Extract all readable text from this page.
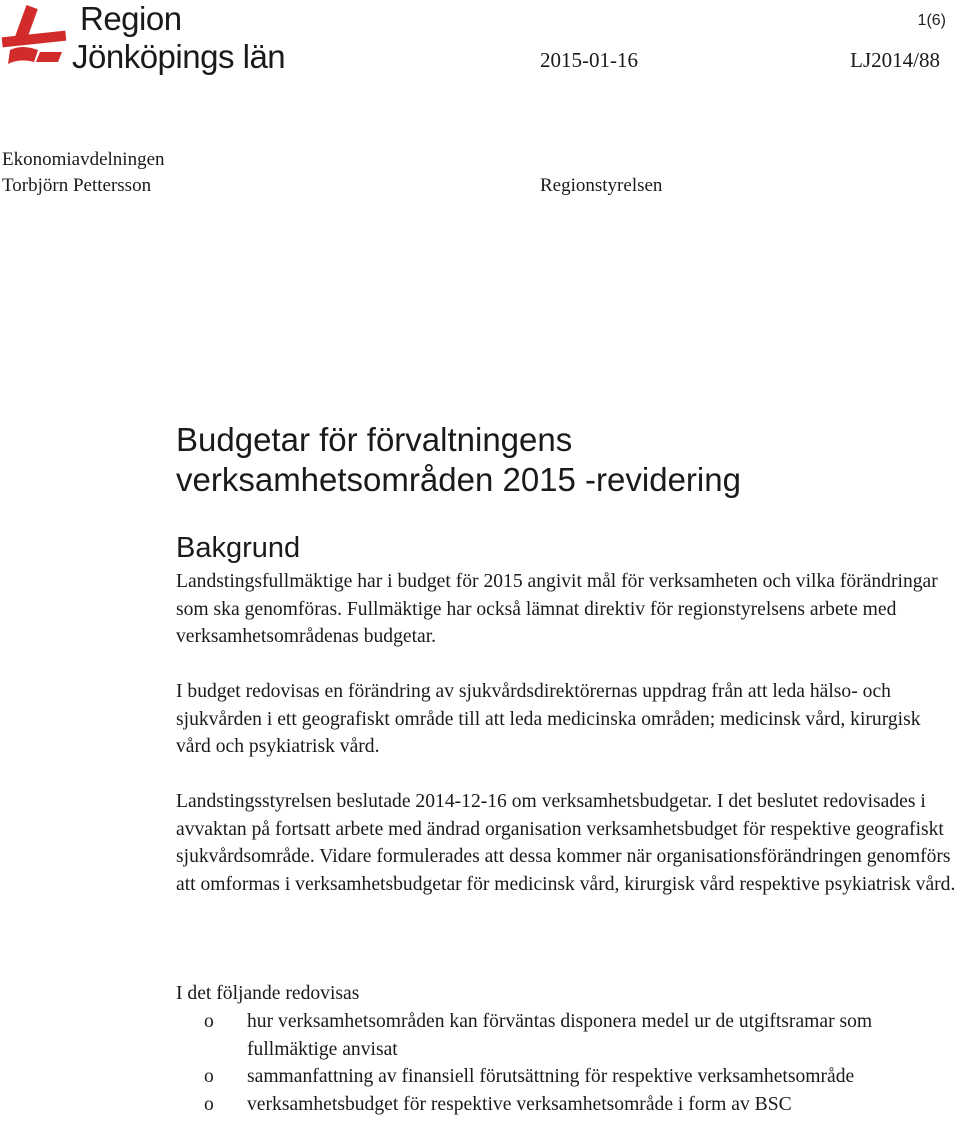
Region
Jönköpings län
1(6)
2015-01-16	LJ2014/88
Ekonomiavdelningen
Torbjörn Pettersson	Regionstyrelsen
Budgetar för förvaltningens
verksamhetsområden 2015 -revidering
Bakgrund
Landstingsfullmäktige har i budget för 2015 angivit mål för verksamheten och vilka förändringar som ska genomföras. Fullmäktige har också lämnat direktiv för regionstyrelsens arbete med verksamhetsområdenas budgetar.
I budget redovisas en förändring av sjukvårdsdirektörernas uppdrag från att leda hälso- och sjukvården i ett geografiskt område till att leda medicinska områden; medicinsk vård, kirurgisk vård och psykiatrisk vård.
Landstingsstyrelsen beslutade 2014-12-16 om verksamhetsbudgetar. I det beslutet redovisades i avvaktan på fortsatt arbete med ändrad organisation verksamhetsbudget för respektive geografiskt sjukvårdsområde. Vidare formulerades att dessa kommer när organisationsförändringen genomförs att omformas i verksamhetsbudgetar för medicinsk vård, kirurgisk vård respektive psykiatrisk vård.
I det följande redovisas
o hur verksamhetsområden kan förväntas disponera medel ur de utgiftsramar som fullmäktige anvisat
o sammanfattning av finansiell förutsättning för respektive verksamhetsområde
o verksamhetsbudget för respektive verksamhetsområde i form av BSC
